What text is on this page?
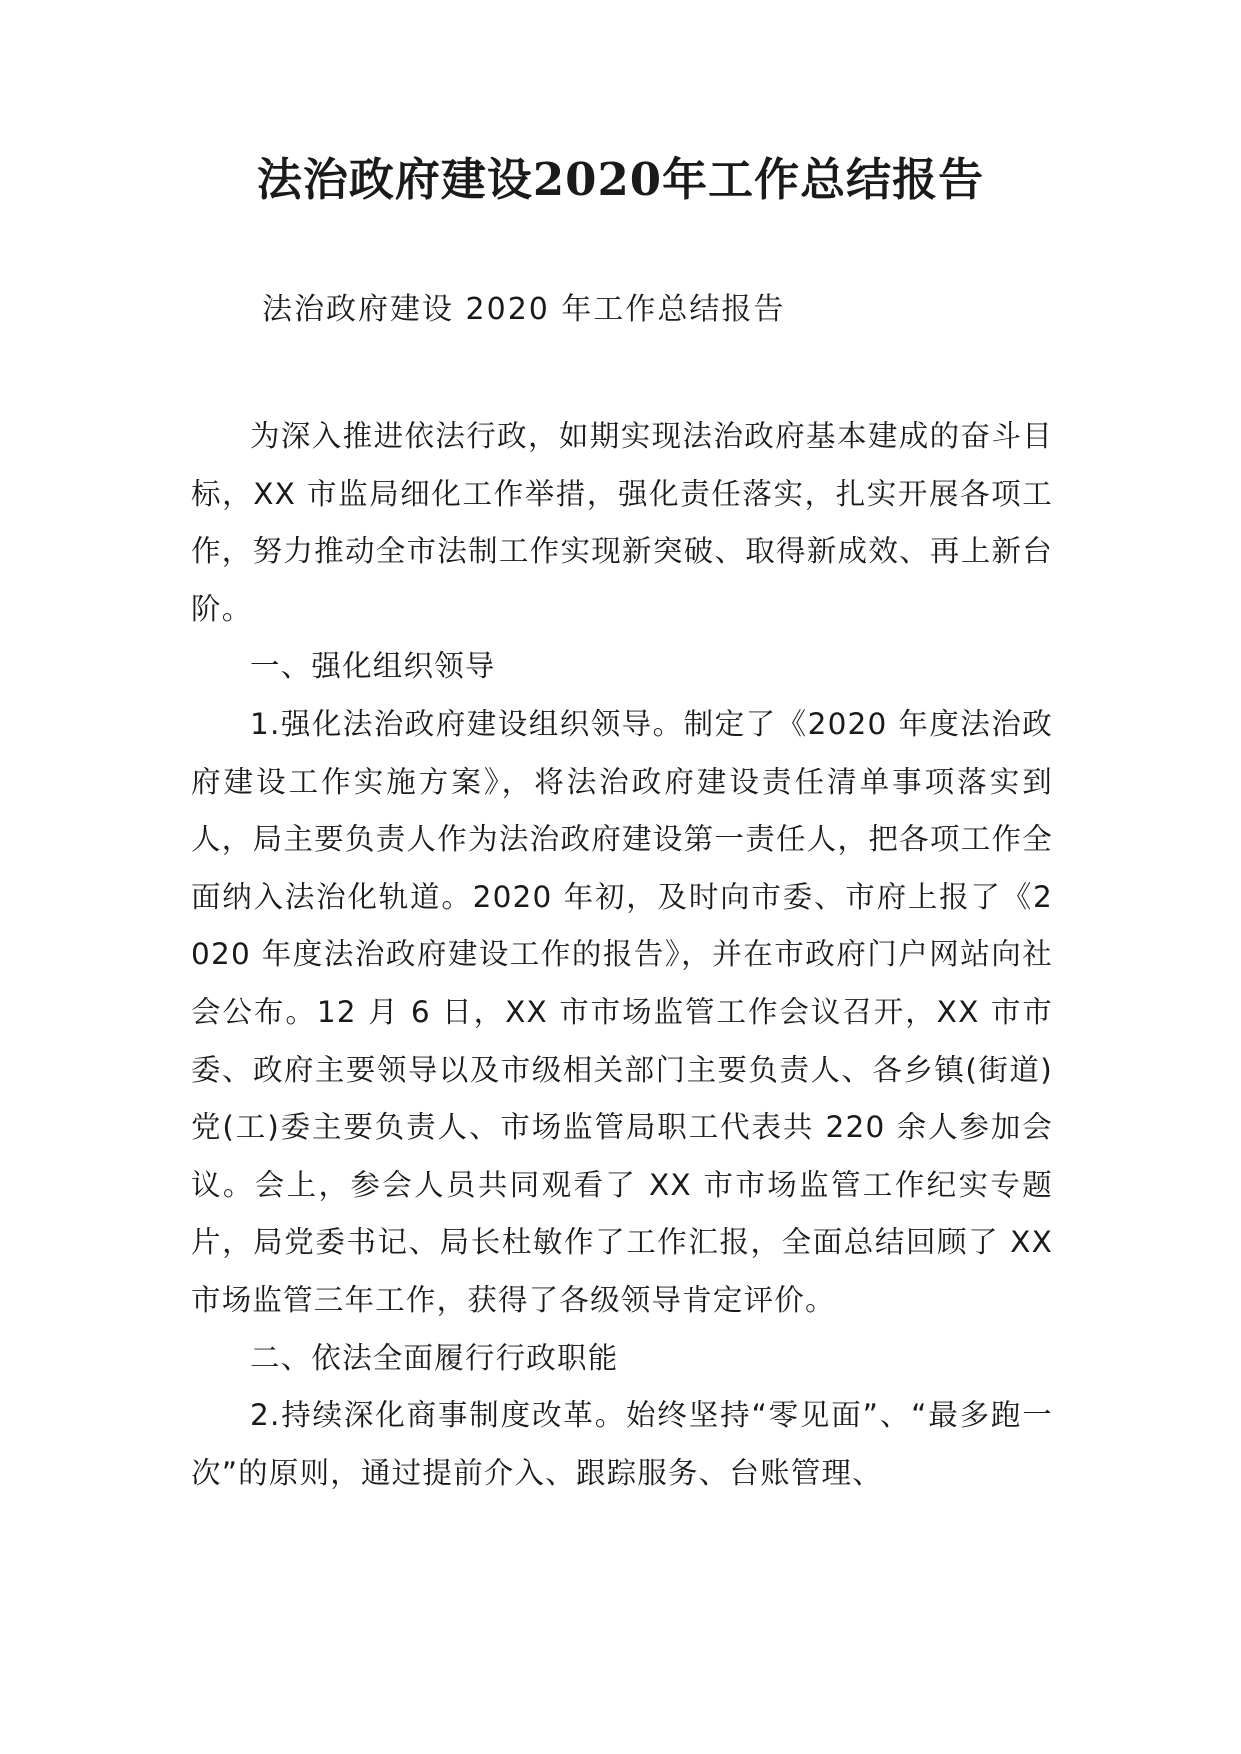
法治政府建设2020年工作总结报告
法治政府建设 2020 年工作总结报告

为深入推进依法行政，如期实现法治政府基本建成的奋斗目标，XX 市监局细化工作举措，强化责任落实，扎实开展各项工作，努力推动全市法制工作实现新突破、取得新成效、再上新台阶。

一、强化组织领导

1.强化法治政府建设组织领导。制定了《2020 年度法治政府建设工作实施方案》，将法治政府建设责任清单事项落实到人，局主要负责人作为法治政府建设第一责任人，把各项工作全面纳入法治化轨道。2020 年初，及时向市委、市府上报了《2020 年度法治政府建设工作的报告》，并在市政府门户网站向社会公布。12 月 6 日，XX 市市场监管工作会议召开，XX 市市委、政府主要领导以及市级相关部门主要负责人、各乡镇(街道)党(工)委主要负责人、市场监管局职工代表共 220 余人参加会议。会上，参会人员共同观看了 XX 市市场监管工作纪实专题片，局党委书记、局长杜敏作了工作汇报，全面总结回顾了 XX 市场监管三年工作，获得了各级领导肯定评价。

二、依法全面履行行政职能

2.持续深化商事制度改革。始终坚持“零见面”、“最多跑一次”的原则，通过提前介入、跟踪服务、台账管理、
